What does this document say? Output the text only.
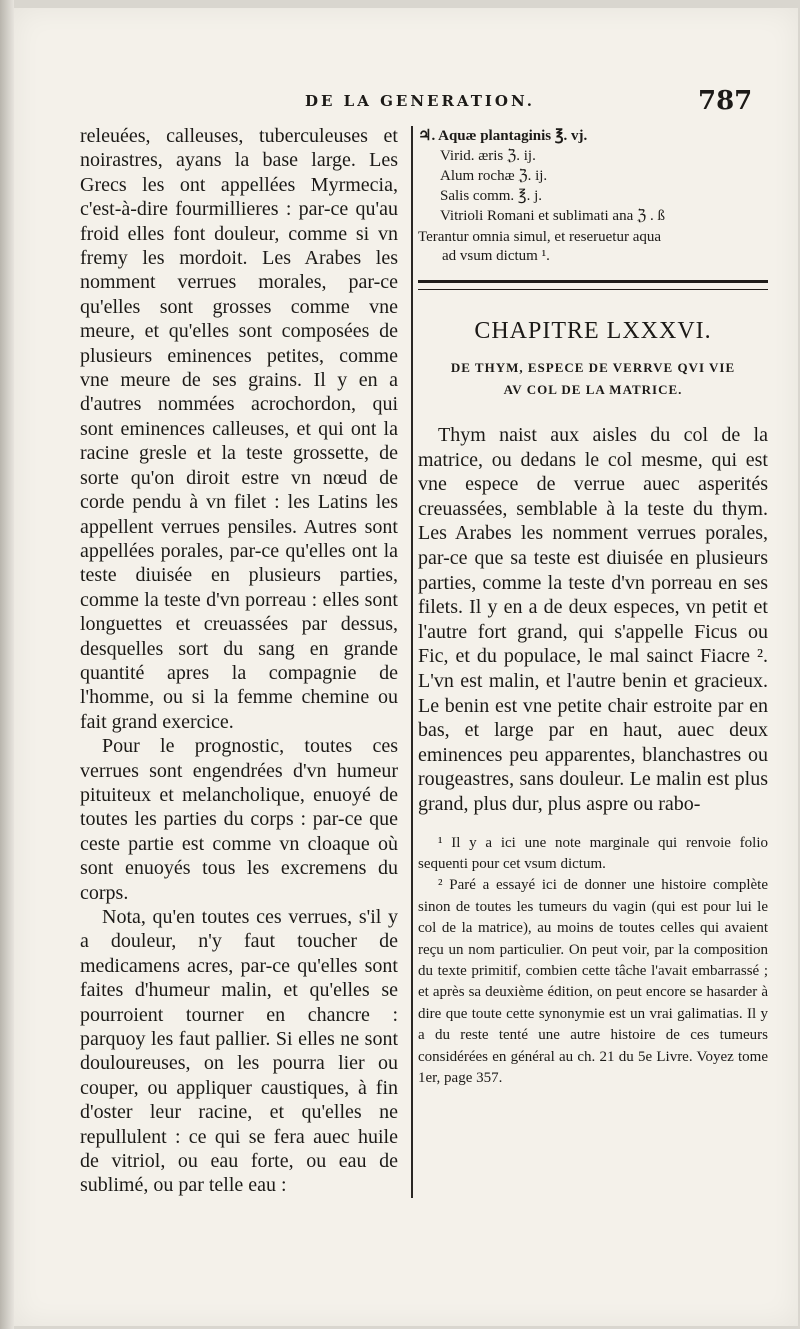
DE LA GENERATION.	787

releuées, calleuses, tuberculeuses et noirastres, ayans la base large. Les Grecs les ont appellées Myrmecia, c'est-à-dire fourmillieres : par-ce qu'au froid elles font douleur, comme si vn fremy les mordoit. Les Arabes les nomment verrues morales, par-ce qu'elles sont grosses comme vne meure, et qu'elles sont composées de plusieurs eminences petites, comme vne meure de ses grains. Il y en a d'autres nommées acrochordon, qui sont eminences calleuses, et qui ont la racine gresle et la teste grossette, de sorte qu'on diroit estre vn nœud de corde pendu à vn filet : les Latins les appellent verrues pensiles. Autres sont appellées porales, par-ce qu'elles ont la teste diuisée en plusieurs parties, comme la teste d'vn porreau : elles sont longuettes et creuassées par dessus, desquelles sort du sang en grande quantité apres la compagnie de l'homme, ou si la femme chemine ou fait grand exercice.

Pour le prognostic, toutes ces verrues sont engendrées d'vn humeur pituiteux et melancholique, enuoyé de toutes les parties du corps : par-ce que ceste partie est comme vn cloaque où sont enuoyés tous les excremens du corps.

Nota, qu'en toutes ces verrues, s'il y a douleur, n'y faut toucher de medicamens acres, par-ce qu'elles sont faites d'humeur malin, et qu'elles se pourroient tourner en chancre : parquoy les faut pallier. Si elles ne sont douloureuses, on les pourra lier ou couper, ou appliquer caustiques, à fin d'oster leur racine, et qu'elles ne repullulent : ce qui se fera auec huile de vitriol, ou eau forte, ou eau de sublimé, ou par telle eau :

♃. Aquæ plantaginis ℥. vj.
Virid. æris ℨ. ij.
Alum rochæ ℨ. ij.
Salis comm. ℥. j.
Vitrioli Romani et sublimati ana ℨ . ß
Terantur omnia simul, et reseruetur aqua
ad vsum dictum ¹.
CHAPITRE LXXXVI.
DE THYM, ESPECE DE VERRVE QVI VIE
AV COL DE LA MATRICE.

Thym naist aux aisles du col de la matrice, ou dedans le col mesme, qui est vne espece de verrue auec asperités creuassées, semblable à la teste du thym. Les Arabes les nomment verrues porales, par-ce que sa teste est diuisée en plusieurs parties, comme la teste d'vn porreau en ses filets. Il y en a de deux especes, vn petit et l'autre fort grand, qui s'appelle Ficus ou Fic, et du populace, le mal sainct Fiacre ². L'vn est malin, et l'autre benin et gracieux. Le benin est vne petite chair estroite par en bas, et large par en haut, auec deux eminences peu apparentes, blanchastres ou rougeastres, sans douleur. Le malin est plus grand, plus dur, plus aspre ou rabo-

¹ Il y a ici une note marginale qui renvoie folio sequenti pour cet vsum dictum.

² Paré a essayé ici de donner une histoire complète sinon de toutes les tumeurs du vagin (qui est pour lui le col de la matrice), au moins de toutes celles qui avaient reçu un nom particulier. On peut voir, par la composition du texte primitif, combien cette tâche l'avait embarrassé ; et après sa deuxième édition, on peut encore se hasarder à dire que toute cette synonymie est un vrai galimatias. Il y a du reste tenté une autre histoire de ces tumeurs considérées en général au ch. 21 du 5e Livre. Voyez tome 1er, page 357.
